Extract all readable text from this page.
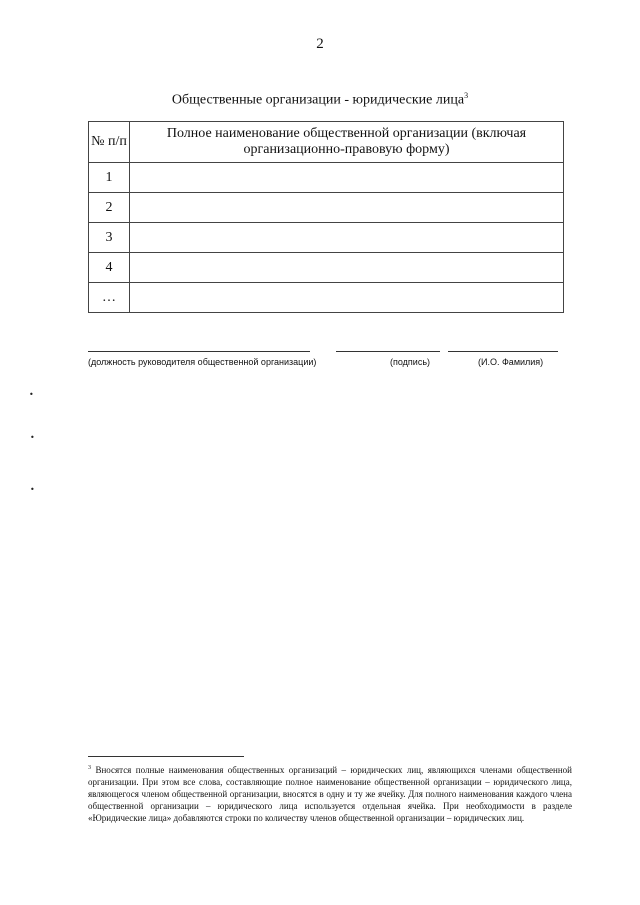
2
Общественные организации - юридические лица$^3$
№ п/п	Полное наименование общественной организации (включая организационно-правовую форму)
1	
2	
3	
4	
…	
(должность руководителя общественной организации)	(подпись)	(И.О. Фамилия)
•
•
•
$^3$ Вносятся полные наименования общественных организаций – юридических лиц, являющихся членами общественной организации. При этом все слова, составляющие полное наименование общественной организации – юридического лица, являющегося членом общественной организации, вносятся в одну и ту же ячейку. Для полного наименования каждого члена общественной организации – юридического лица используется отдельная ячейка. При необходимости в разделе «Юридические лица» добавляются строки по количеству членов общественной организации – юридических лиц.
